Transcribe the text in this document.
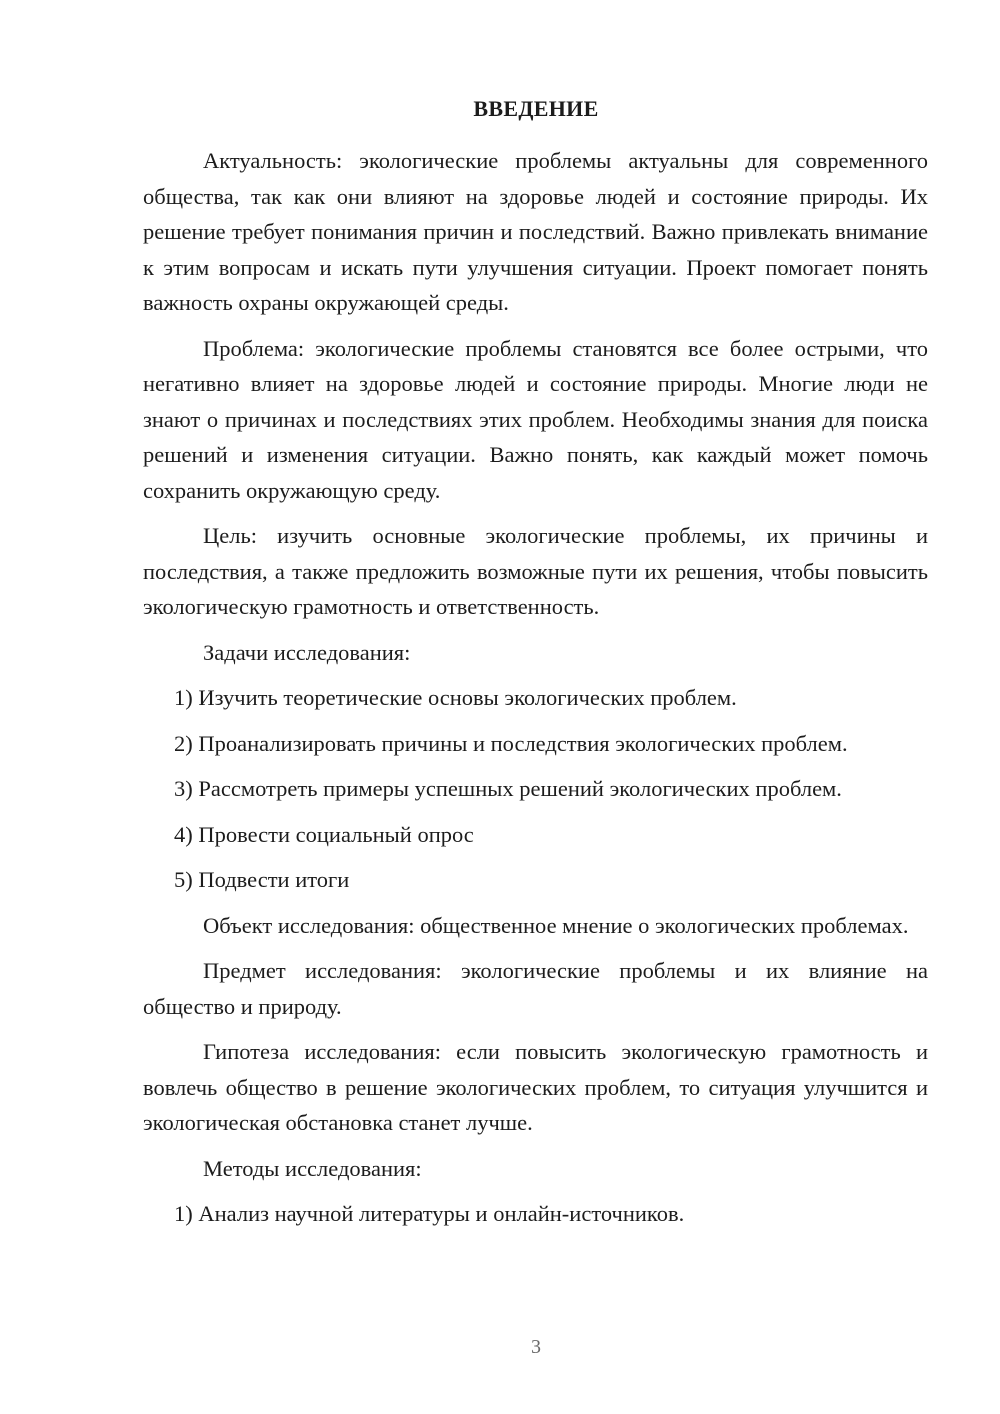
ВВЕДЕНИЕ

Актуальность: экологические проблемы актуальны для современного общества, так как они влияют на здоровье людей и состояние природы. Их решение требует понимания причин и последствий. Важно привлекать внимание к этим вопросам и искать пути улучшения ситуации. Проект помогает понять важность охраны окружающей среды.

Проблема: экологические проблемы становятся все более острыми, что негативно влияет на здоровье людей и состояние природы. Многие люди не знают о причинах и последствиях этих проблем. Необходимы знания для поиска решений и изменения ситуации. Важно понять, как каждый может помочь сохранить окружающую среду.

Цель: изучить основные экологические проблемы, их причины и последствия, а также предложить возможные пути их решения, чтобы повысить экологическую грамотность и ответственность.

Задачи исследования:

1) Изучить теоретические основы экологических проблем.

2) Проанализировать причины и последствия экологических проблем.

3) Рассмотреть примеры успешных решений экологических проблем.

4) Провести социальный опрос

5) Подвести итоги

Объект исследования: общественное мнение о экологических проблемах.

Предмет исследования: экологические проблемы и их влияние на общество и природу.

Гипотеза исследования: если повысить экологическую грамотность и вовлечь общество в решение экологических проблем, то ситуация улучшится и экологическая обстановка станет лучше.

Методы исследования:

1) Анализ научной литературы и онлайн-источников.

3
